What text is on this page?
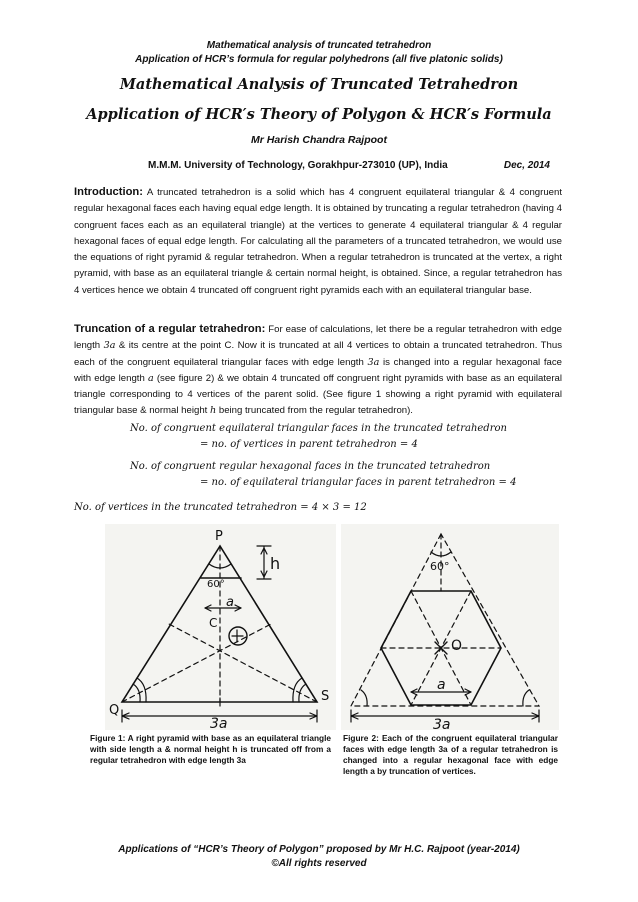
Mathematical analysis of truncated tetrahedron
Application of HCR’s formula for regular polyhedrons (all five platonic solids)
Mathematical Analysis of Truncated Tetrahedron
Application of HCR′s Theory of Polygon & HCR′s Formula
Mr Harish Chandra Rajpoot
M.M.M. University of Technology, Gorakhpur-273010 (UP), India	Dec, 2014
Introduction: A truncated tetrahedron is a solid which has 4 congruent equilateral triangular & 4 congruent regular hexagonal faces each having equal edge length. It is obtained by truncating a regular tetrahedron (having 4 congruent faces each as an equilateral triangle) at the vertices to generate 4 equilateral triangular & 4 regular hexagonal faces of equal edge length. For calculating all the parameters of a truncated tetrahedron, we would use the equations of right pyramid & regular tetrahedron. When a regular tetrahedron is truncated at the vertex, a right pyramid, with base as an equilateral triangle & certain normal height, is obtained. Since, a regular tetrahedron has 4 vertices hence we obtain 4 truncated off congruent right pyramids each with an equilateral triangular base.
Truncation of a regular tetrahedron: For ease of calculations, let there be a regular tetrahedron with edge length 3a & its centre at the point C. Now it is truncated at all 4 vertices to obtain a truncated tetrahedron. Thus each of the congruent equilateral triangular faces with edge length 3a is changed into a regular hexagonal face with edge length a (see figure 2) & we obtain 4 truncated off congruent right pyramids with base as an equilateral triangle corresponding to 4 vertices of the parent solid. (See figure 1 showing a right pyramid with equilateral triangular base & normal height h being truncated from the regular tetrahedron).
No. of congruent equilateral triangular faces in the truncated tetrahedron
= no. of vertices in parent tetrahedron = 4
No. of congruent regular hexagonal faces in the truncated tetrahedron
= no. of equilateral triangular faces in parent tetrahedron = 4
No. of vertices in the truncated tetrahedron = 4 × 3 = 12
P
h
60°
C
a
Q
S
3a
60°
O
a
3a
Figure 1: A right pyramid with base as an equilateral triangle with side length a & normal height h is truncated off from a regular tetrahedron with edge length 3a
Figure 2: Each of the congruent equilateral triangular faces with edge length 3a of a regular tetrahedron is changed into a regular hexagonal face with edge length a by truncation of vertices.
Applications of “HCR’s Theory of Polygon” proposed by Mr H.C. Rajpoot (year-2014)
©All rights reserved
